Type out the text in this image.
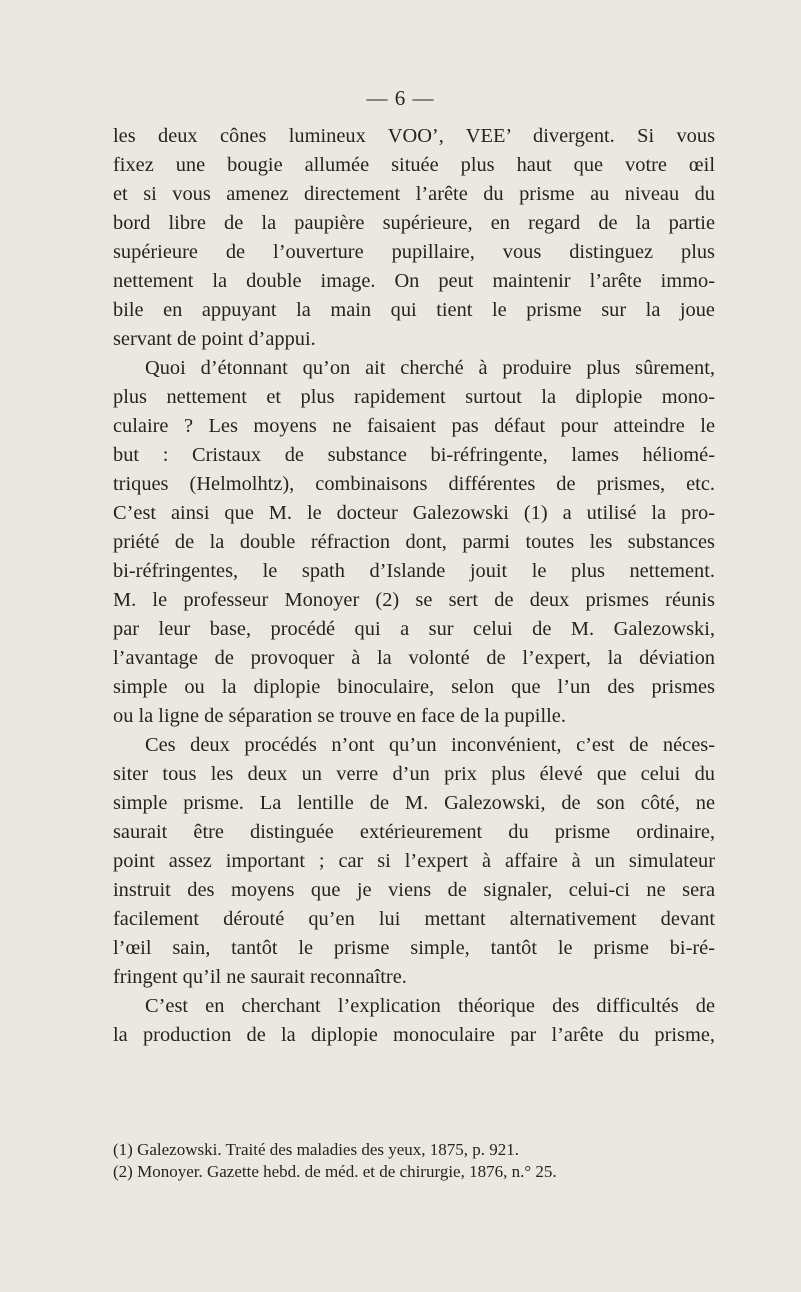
— 6 —
les deux cônes lumineux VOO’, VEE’ divergent. Si vous
fixez une bougie allumée située plus haut que votre œil
et si vous amenez directement l’arête du prisme au niveau du
bord libre de la paupière supérieure, en regard de la partie
supérieure de l’ouverture pupillaire, vous distinguez plus
nettement la double image. On peut maintenir l’arête immo-
bile en appuyant la main qui tient le prisme sur la joue
servant de point d’appui.
Quoi d’étonnant qu’on ait cherché à produire plus sûrement,
plus nettement et plus rapidement surtout la diplopie mono-
culaire ? Les moyens ne faisaient pas défaut pour atteindre le
but : Cristaux de substance bi-réfringente, lames héliomé-
triques (Helmolhtz), combinaisons différentes de prismes, etc.
C’est ainsi que M. le docteur Galezowski (1) a utilisé la pro-
priété de la double réfraction dont, parmi toutes les substances
bi-réfringentes, le spath d’Islande jouit le plus nettement.
M. le professeur Monoyer (2) se sert de deux prismes réunis
par leur base, procédé qui a sur celui de M. Galezowski,
l’avantage de provoquer à la volonté de l’expert, la déviation
simple ou la diplopie binoculaire, selon que l’un des prismes
ou la ligne de séparation se trouve en face de la pupille.
Ces deux procédés n’ont qu’un inconvénient, c’est de néces-
siter tous les deux un verre d’un prix plus élevé que celui du
simple prisme. La lentille de M. Galezowski, de son côté, ne
saurait être distinguée extérieurement du prisme ordinaire,
point assez important ; car si l’expert à affaire à un simulateur
instruit des moyens que je viens de signaler, celui-ci ne sera
facilement dérouté qu’en lui mettant alternativement devant
l’œil sain, tantôt le prisme simple, tantôt le prisme bi-ré-
fringent qu’il ne saurait reconnaître.
C’est en cherchant l’explication théorique des difficultés de
la production de la diplopie monoculaire par l’arête du prisme,
(1) Galezowski. Traité des maladies des yeux, 1875, p. 921.
(2) Monoyer. Gazette hebd. de méd. et de chirurgie, 1876, n.° 25.
